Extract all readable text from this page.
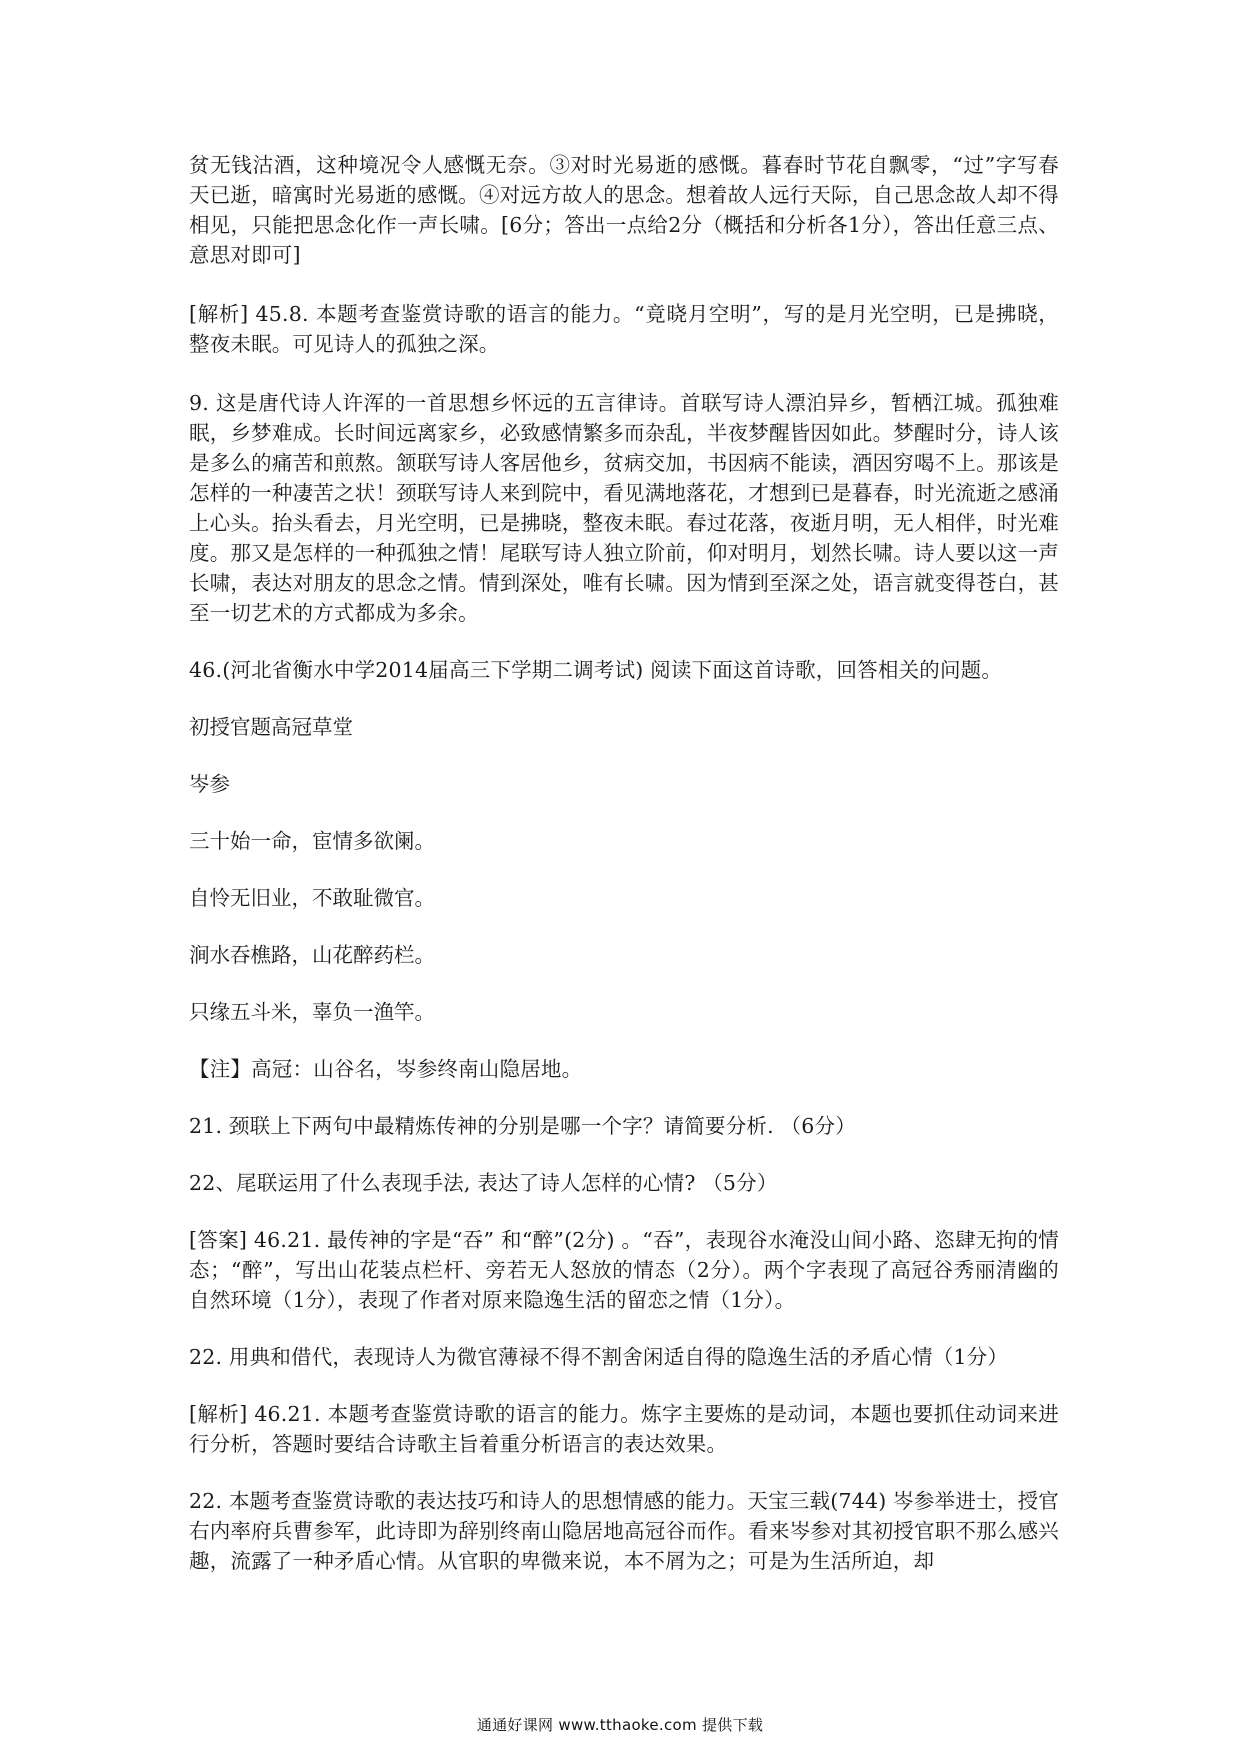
贫无钱沽酒，这种境况令人感慨无奈。③对时光易逝的感慨。暮春时节花自飘零，“过”字写春天已逝，暗寓时光易逝的感慨。④对远方故人的思念。想着故人远行天际，自己思念故人却不得相见，只能把思念化作一声长啸。[6分；答出一点给2分（概括和分析各1分），答出任意三点、意思对即可]

[解析] 45.8. 本题考查鉴赏诗歌的语言的能力。“竟晓月空明”，写的是月光空明，已是拂晓，整夜未眠。可见诗人的孤独之深。

9. 这是唐代诗人许浑的一首思想乡怀远的五言律诗。首联写诗人漂泊异乡，暂栖江城。孤独难眠，乡梦难成。长时间远离家乡，必致感情繁多而杂乱，半夜梦醒皆因如此。梦醒时分，诗人该是多么的痛苦和煎熬。颔联写诗人客居他乡，贫病交加，书因病不能读，酒因穷喝不上。那该是怎样的一种凄苦之状！颈联写诗人来到院中，看见满地落花，才想到已是暮春，时光流逝之感涌上心头。抬头看去，月光空明，已是拂晓，整夜未眠。春过花落，夜逝月明，无人相伴，时光难度。那又是怎样的一种孤独之情！尾联写诗人独立阶前，仰对明月，划然长啸。诗人要以这一声长啸，表达对朋友的思念之情。情到深处，唯有长啸。因为情到至深之处，语言就变得苍白，甚至一切艺术的方式都成为多余。

46.(河北省衡水中学2014届高三下学期二调考试) 阅读下面这首诗歌，回答相关的问题。

初授官题高冠草堂

岑参

三十始一命，宦情多欲阑。

自怜无旧业，不敢耻微官。

涧水吞樵路，山花醉药栏。

只缘五斗米，辜负一渔竿。

【注】高冠：山谷名，岑参终南山隐居地。

21. 颈联上下两句中最精炼传神的分别是哪一个字？请简要分析. （6分）

22、尾联运用了什么表现手法, 表达了诗人怎样的心情? （5分）

[答案] 46.21. 最传神的字是“吞” 和“醉”(2分) 。“吞”，表现谷水淹没山间小路、恣肆无拘的情态；“醉”，写出山花装点栏杆、旁若无人怒放的情态（2分）。两个字表现了高冠谷秀丽清幽的自然环境（1分），表现了作者对原来隐逸生活的留恋之情（1分）。

22. 用典和借代，表现诗人为微官薄禄不得不割舍闲适自得的隐逸生活的矛盾心情（1分）

[解析] 46.21. 本题考查鉴赏诗歌的语言的能力。炼字主要炼的是动词，本题也要抓住动词来进行分析，答题时要结合诗歌主旨着重分析语言的表达效果。

22. 本题考查鉴赏诗歌的表达技巧和诗人的思想情感的能力。天宝三载(744) 岑参举进士，授官右内率府兵曹参军，此诗即为辞别终南山隐居地高冠谷而作。看来岑参对其初授官职不那么感兴趣，流露了一种矛盾心情。从官职的卑微来说，本不屑为之；可是为生活所迫，却

通通好课网 www.tthaoke.com 提供下载
